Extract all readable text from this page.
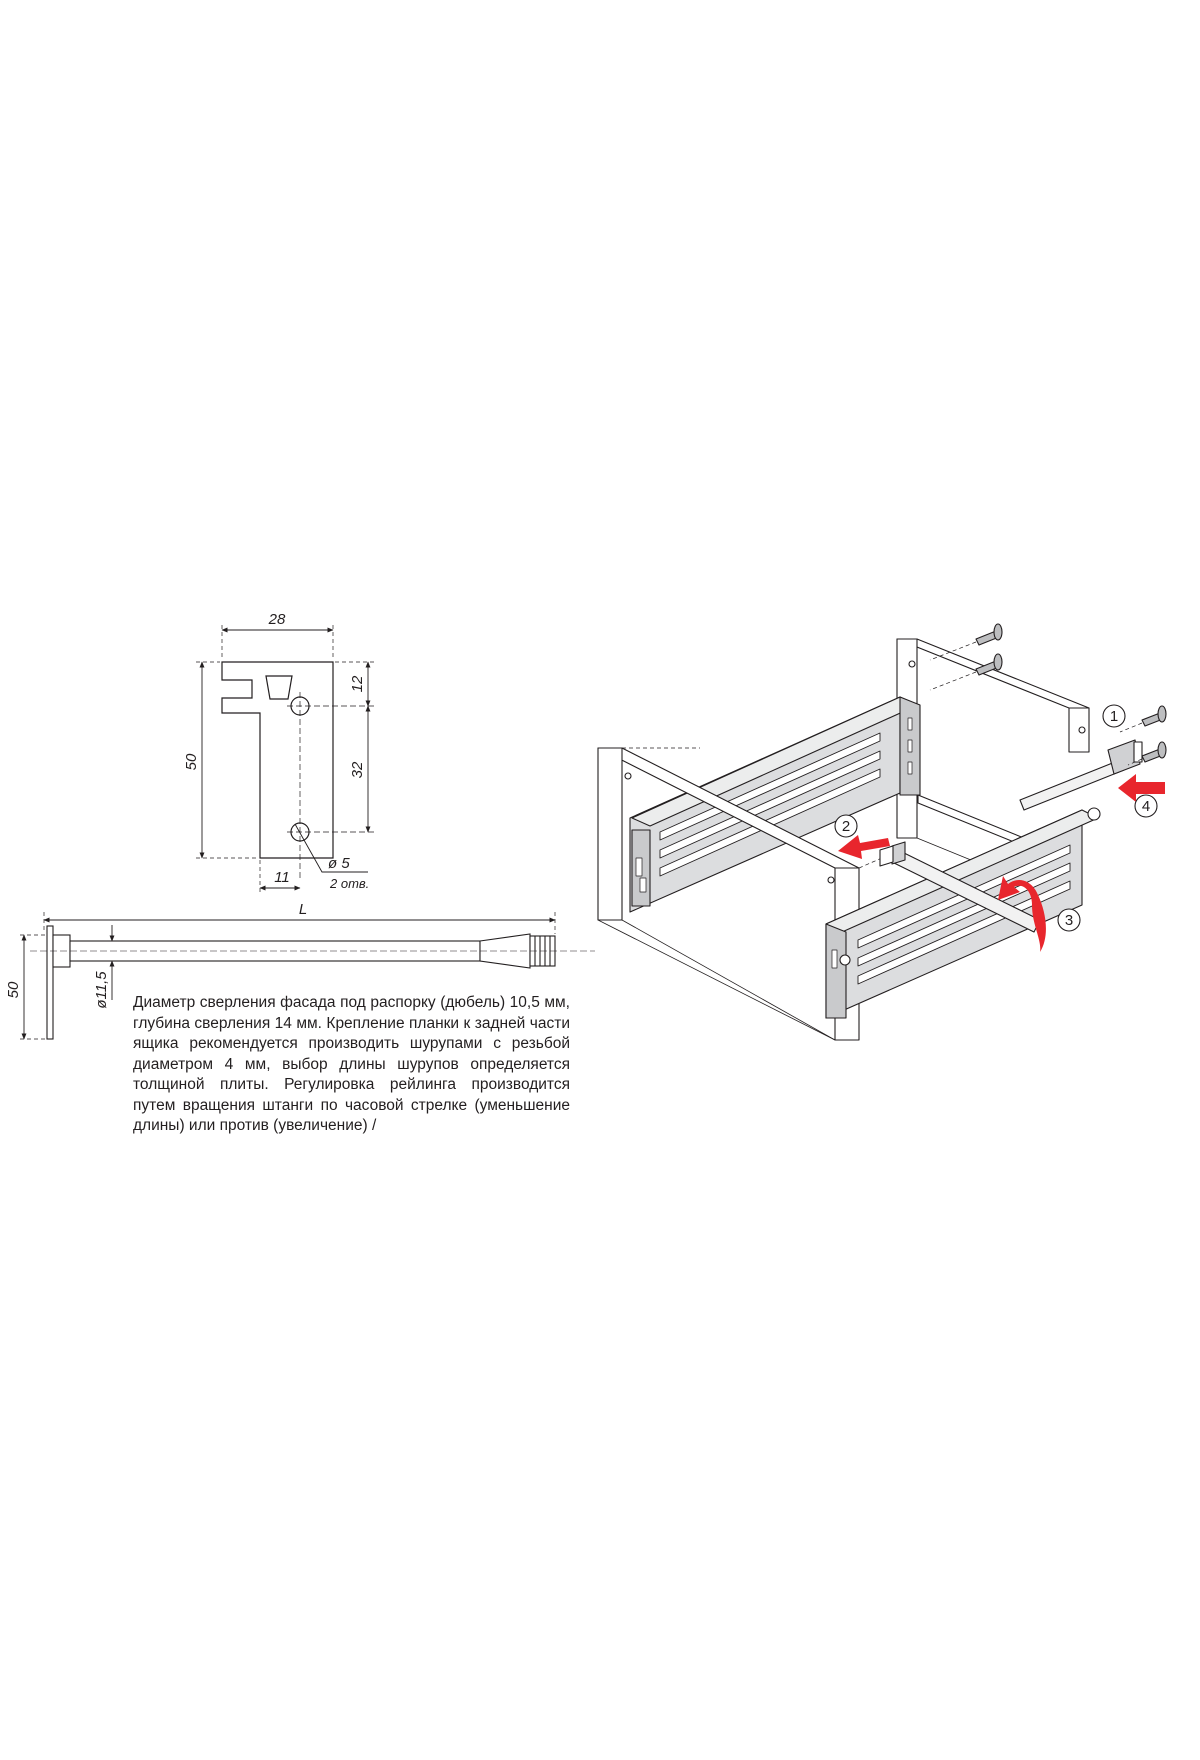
28
50
12
32
11
ø 5
2 отв.
L
50	ø11,5
1
2
3
4

Диаметр сверления фасада под распорку (дюбель) 10,5 мм, глубина сверления 14 мм. Крепление планки к задней части ящика рекомендуется производить шурупами с резьбой диаметром 4 мм, выбор длины шурупов определяется толщиной плиты. Регулировка рейлинга производится путем вращения штанги по часовой стрелке (уменьшение длины) или против (увеличение) /
